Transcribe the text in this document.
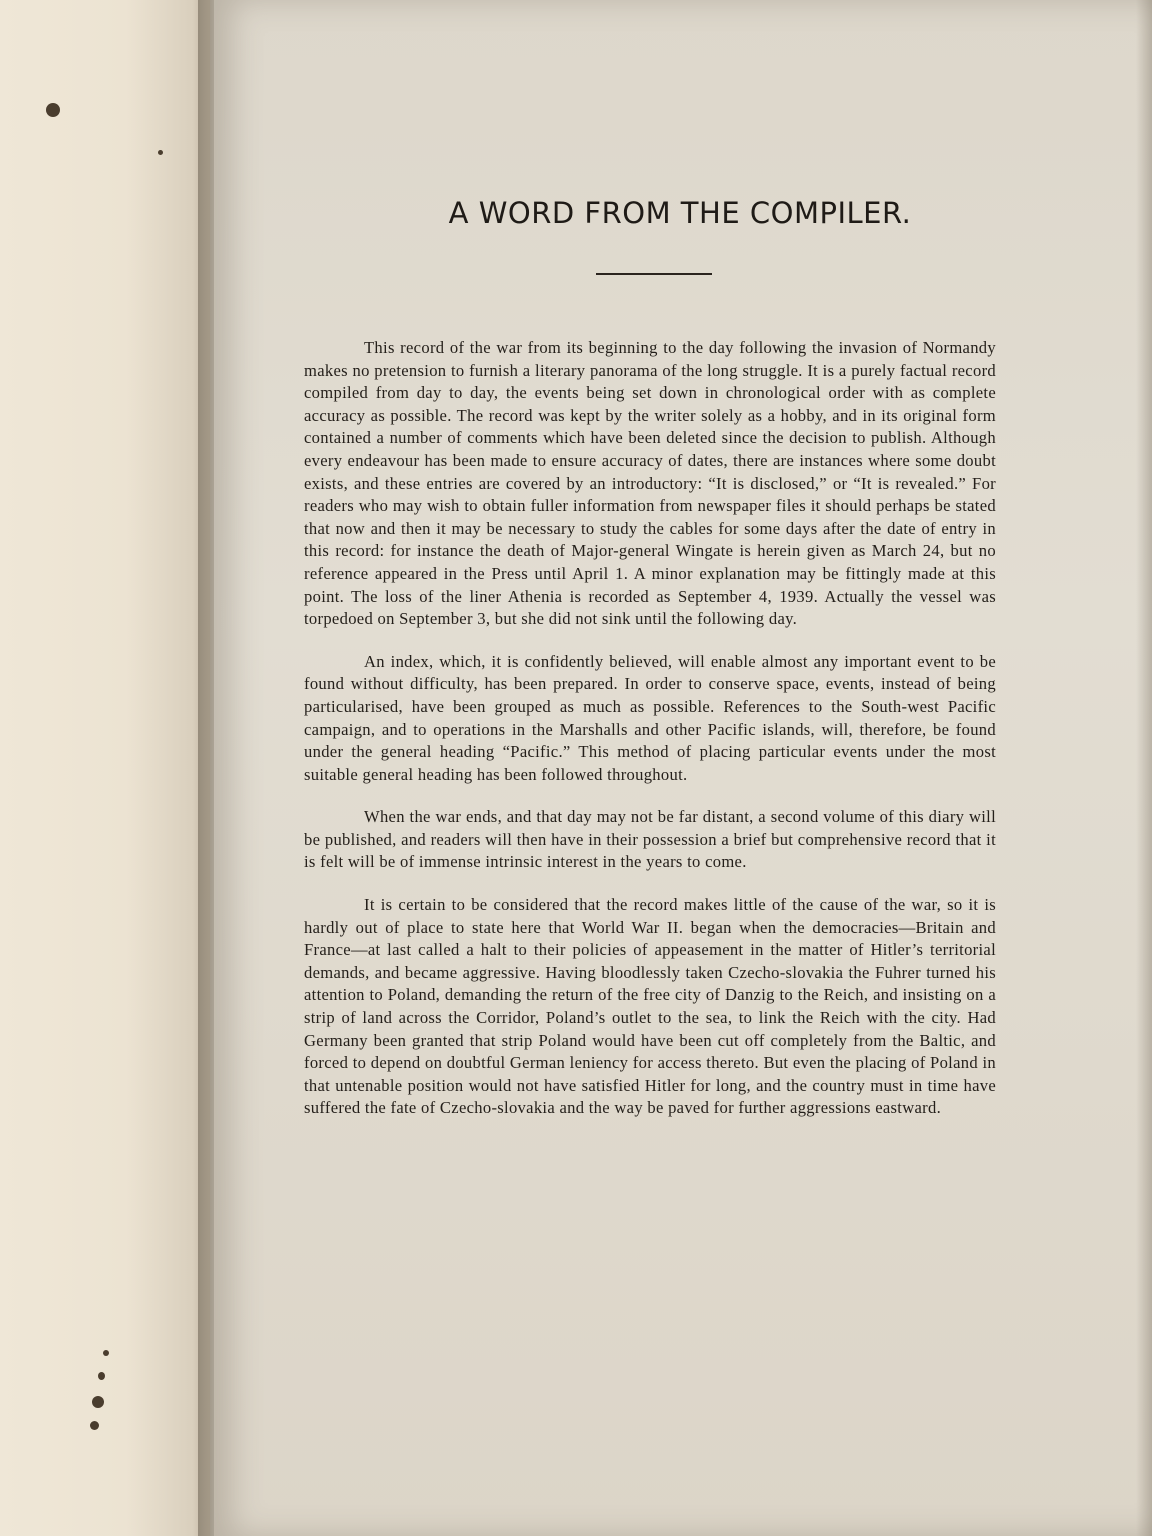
A WORD FROM THE COMPILER.

This record of the war from its beginning to the day following the invasion of Normandy makes no pretension to furnish a literary panorama of the long struggle. It is a purely factual record compiled from day to day, the events being set down in chronological order with as complete accuracy as possible. The record was kept by the writer solely as a hobby, and in its original form contained a number of comments which have been deleted since the decision to publish. Although every endeavour has been made to ensure accuracy of dates, there are instances where some doubt exists, and these entries are covered by an introductory: “It is disclosed,” or “It is revealed.” For readers who may wish to obtain fuller information from newspaper files it should perhaps be stated that now and then it may be necessary to study the cables for some days after the date of entry in this record: for instance the death of Major-general Wingate is herein given as March 24, but no reference appeared in the Press until April 1. A minor explanation may be fittingly made at this point. The loss of the liner Athenia is recorded as September 4, 1939. Actually the vessel was torpedoed on September 3, but she did not sink until the following day.

An index, which, it is confidently believed, will enable almost any important event to be found without difficulty, has been prepared. In order to conserve space, events, instead of being particularised, have been grouped as much as possible. References to the South-west Pacific campaign, and to operations in the Marshalls and other Pacific islands, will, therefore, be found under the general heading “Pacific.” This method of placing particular events under the most suitable general heading has been followed throughout.

When the war ends, and that day may not be far distant, a second volume of this diary will be published, and readers will then have in their possession a brief but comprehensive record that it is felt will be of immense intrinsic interest in the years to come.

It is certain to be considered that the record makes little of the cause of the war, so it is hardly out of place to state here that World War II. began when the democracies—Britain and France—at last called a halt to their policies of appeasement in the matter of Hitler’s territorial demands, and became aggressive. Having bloodlessly taken Czecho-slovakia the Fuhrer turned his attention to Poland, demanding the return of the free city of Danzig to the Reich, and insisting on a strip of land across the Corridor, Poland’s outlet to the sea, to link the Reich with the city. Had Germany been granted that strip Poland would have been cut off completely from the Baltic, and forced to depend on doubtful German leniency for access thereto. But even the placing of Poland in that untenable position would not have satisfied Hitler for long, and the country must in time have suffered the fate of Czecho-slovakia and the way be paved for further aggressions eastward.
